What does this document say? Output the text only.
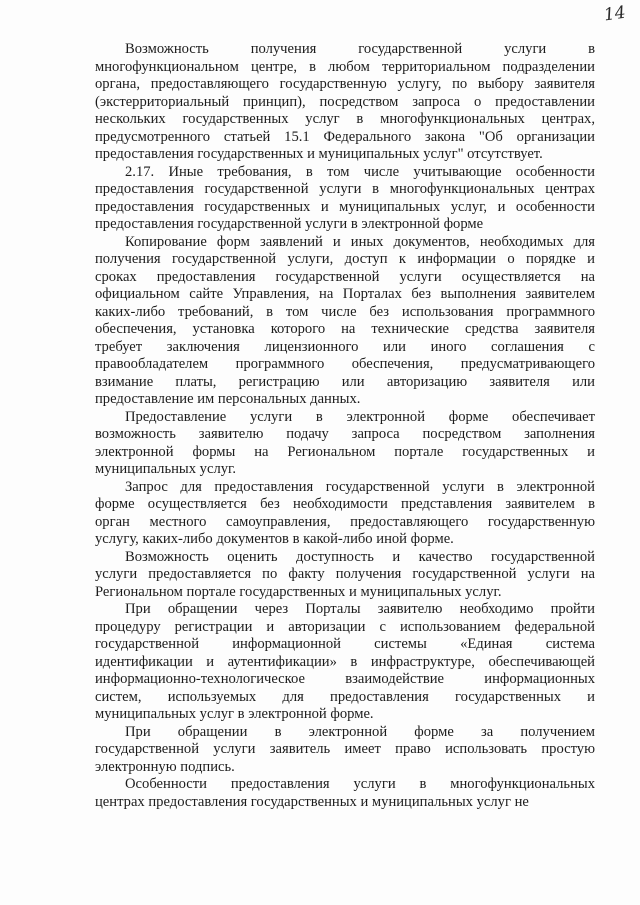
14
Возможность получения государственной услуги в
многофункциональном центре, в любом территориальном подразделении
органа, предоставляющего государственную услугу, по выбору заявителя
(экстерриториальный принцип), посредством запроса о предоставлении
нескольких государственных услуг в многофункциональных центрах,
предусмотренного статьей 15.1 Федерального закона "Об организации
предоставления государственных и муниципальных услуг" отсутствует.
2.17. Иные требования, в том числе учитывающие особенности
предоставления государственной услуги в многофункциональных центрах
предоставления государственных и муниципальных услуг, и особенности
предоставления государственной услуги в электронной форме
Копирование форм заявлений и иных документов, необходимых для
получения государственной услуги, доступ к информации о порядке и
сроках предоставления государственной услуги осуществляется на
официальном сайте Управления, на Порталах без выполнения заявителем
каких-либо требований, в том числе без использования программного
обеспечения, установка которого на технические средства заявителя
требует заключения лицензионного или иного соглашения с
правообладателем программного обеспечения, предусматривающего
взимание платы, регистрацию или авторизацию заявителя или
предоставление им персональных данных.
Предоставление услуги в электронной форме обеспечивает
возможность заявителю подачу запроса посредством заполнения
электронной формы на Региональном портале государственных и
муниципальных услуг.
Запрос для предоставления государственной услуги в электронной
форме осуществляется без необходимости представления заявителем в
орган местного самоуправления, предоставляющего государственную
услугу, каких-либо документов в какой-либо иной форме.
Возможность оценить доступность и качество государственной
услуги предоставляется по факту получения государственной услуги на
Региональном портале государственных и муниципальных услуг.
При обращении через Порталы заявителю необходимо пройти
процедуру регистрации и авторизации с использованием федеральной
государственной информационной системы «Единая система
идентификации и аутентификации» в инфраструктуре, обеспечивающей
информационно-технологическое взаимодействие информационных
систем, используемых для предоставления государственных и
муниципальных услуг в электронной форме.
При обращении в электронной форме за получением
государственной услуги заявитель имеет право использовать простую
электронную подпись.
Особенности предоставления услуги в многофункциональных
центрах предоставления государственных и муниципальных услуг не
